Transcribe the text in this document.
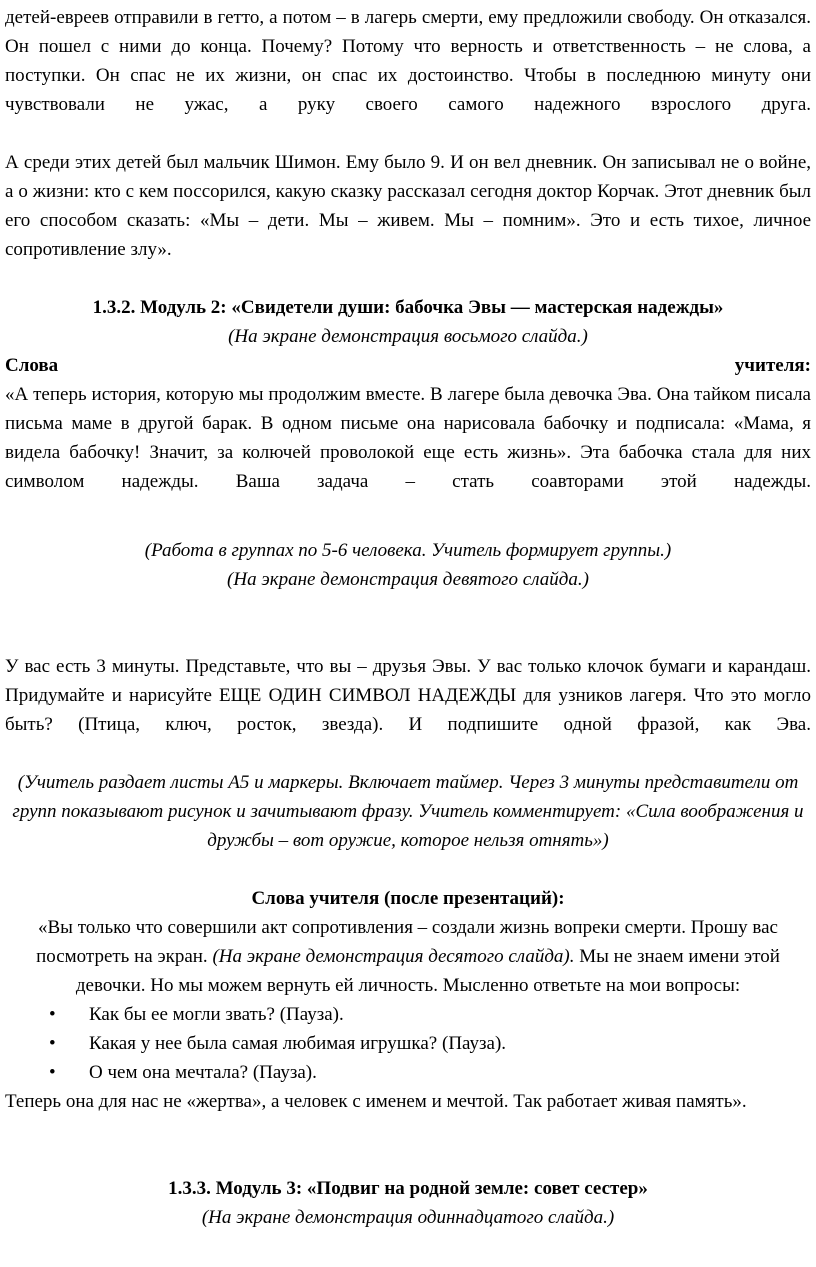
детей-евреев отправили в гетто, а потом – в лагерь смерти, ему предложили свободу. Он отказался. Он пошел с ними до конца. Почему? Потому что верность и ответственность – не слова, а поступки. Он спас не их жизни, он спас их достоинство. Чтобы в последнюю минуту они чувствовали не ужас, а руку своего самого надежного взрослого друга.

А среди этих детей был мальчик Шимон. Ему было 9. И он вел дневник. Он записывал не о войне, а о жизни: кто с кем поссорился, какую сказку рассказал сегодня доктор Корчак. Этот дневник был его способом сказать: «Мы – дети. Мы – живем. Мы – помним». Это и есть тихое, личное сопротивление злу».

1.3.2. Модуль 2: «Свидетели души: бабочка Эвы — мастерская надежды»

(На экране демонстрация восьмого слайда.)

Слова	учителя:

«А теперь история, которую мы продолжим вместе. В лагере была девочка Эва. Она тайком писала письма маме в другой барак. В одном письме она нарисовала бабочку и подписала: «Мама, я видела бабочку! Значит, за колючей проволокой еще есть жизнь». Эта бабочка стала для них символом надежды. Ваша задача – стать соавторами этой надежды.

(Работа в группах по 5-6 человека. Учитель формирует группы.)

(На экране демонстрация девятого слайда.)

У вас есть 3 минуты. Представьте, что вы – друзья Эвы. У вас только клочок бумаги и карандаш. Придумайте и нарисуйте ЕЩЕ ОДИН СИМВОЛ НАДЕЖДЫ для узников лагеря. Что это могло быть? (Птица, ключ, росток, звезда). И подпишите одной фразой, как Эва.

(Учитель раздает листы А5 и маркеры. Включает таймер. Через 3 минуты представители от групп показывают рисунок и зачитывают фразу. Учитель комментирует: «Сила воображения и дружбы – вот оружие, которое нельзя отнять»)

Слова учителя (после презентаций):

«Вы только что совершили акт сопротивления – создали жизнь вопреки смерти. Прошу вас посмотреть на экран. (На экране демонстрация десятого слайда). Мы не знаем имени этой девочки. Но мы можем вернуть ей личность. Мысленно ответьте на мои вопросы:

•	Как бы ее могли звать? (Пауза).
•	Какая у нее была самая любимая игрушка? (Пауза).
•	О чем она мечтала? (Пауза).

Теперь она для нас не «жертва», а человек с именем и мечтой. Так работает живая память».

1.3.3. Модуль 3: «Подвиг на родной земле: совет сестер»

(На экране демонстрация одиннадцатого слайда.)
